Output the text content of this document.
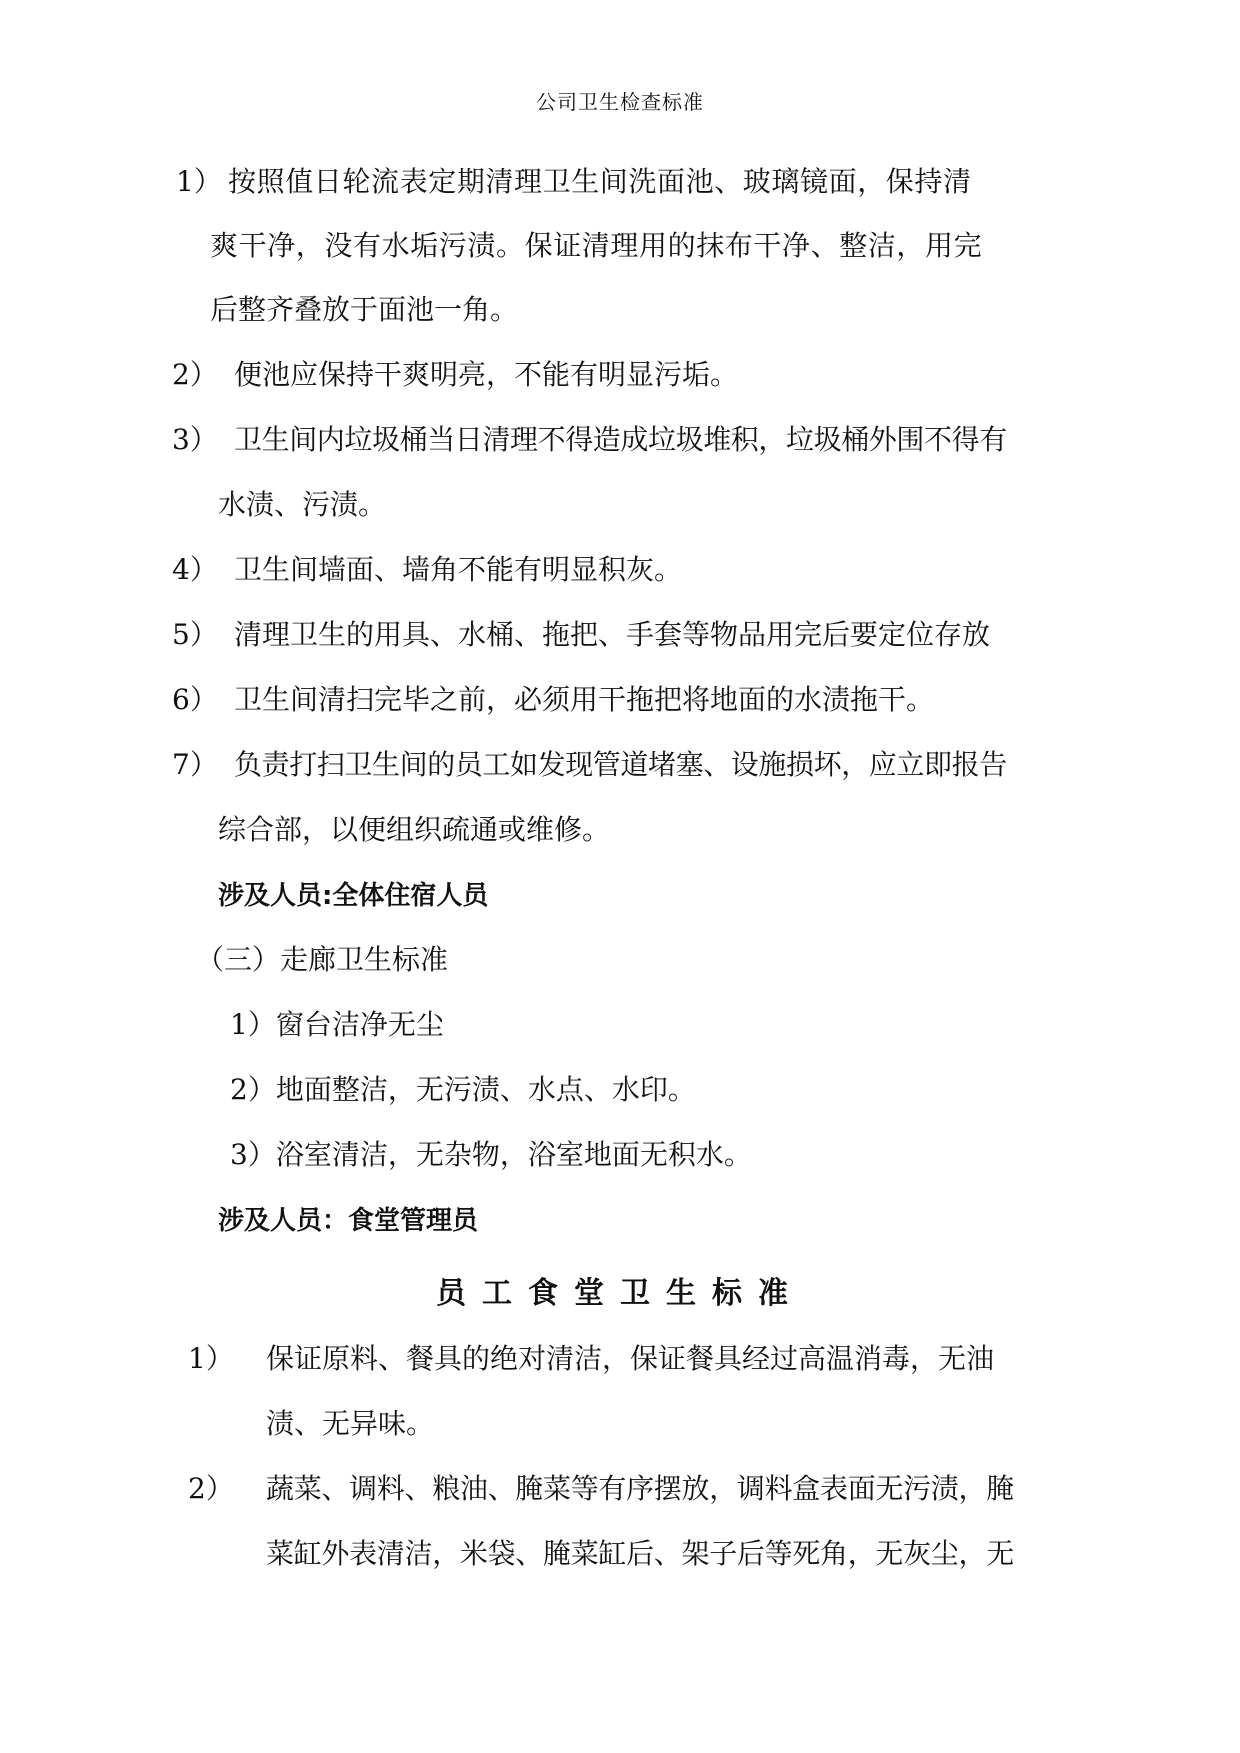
公司卫生检查标准
1） 按照值日轮流表定期清理卫生间洗面池、玻璃镜面，保持清
爽干净，没有水垢污渍。保证清理用的抹布干净、整洁，用完
后整齐叠放于面池一角。
2） 便池应保持干爽明亮，不能有明显污垢。
3） 卫生间内垃圾桶当日清理不得造成垃圾堆积，垃圾桶外围不得有
水渍、污渍。
4） 卫生间墙面、墙角不能有明显积灰。
5） 清理卫生的用具、水桶、拖把、手套等物品用完后要定位存放
6） 卫生间清扫完毕之前，必须用干拖把将地面的水渍拖干。
7） 负责打扫卫生间的员工如发现管道堵塞、设施损坏，应立即报告
综合部，以便组织疏通或维修。
涉及人员:全体住宿人员
（三）走廊卫生标准
1）窗台洁净无尘
2）地面整洁，无污渍、水点、水印。
3）浴室清洁，无杂物，浴室地面无积水。
涉及人员：食堂管理员
员工食堂卫生标准
1） 保证原料、餐具的绝对清洁，保证餐具经过高温消毒，无油
渍、无异味。
2） 蔬菜、调料、粮油、腌菜等有序摆放，调料盒表面无污渍，腌
菜缸外表清洁，米袋、腌菜缸后、架子后等死角，无灰尘，无
